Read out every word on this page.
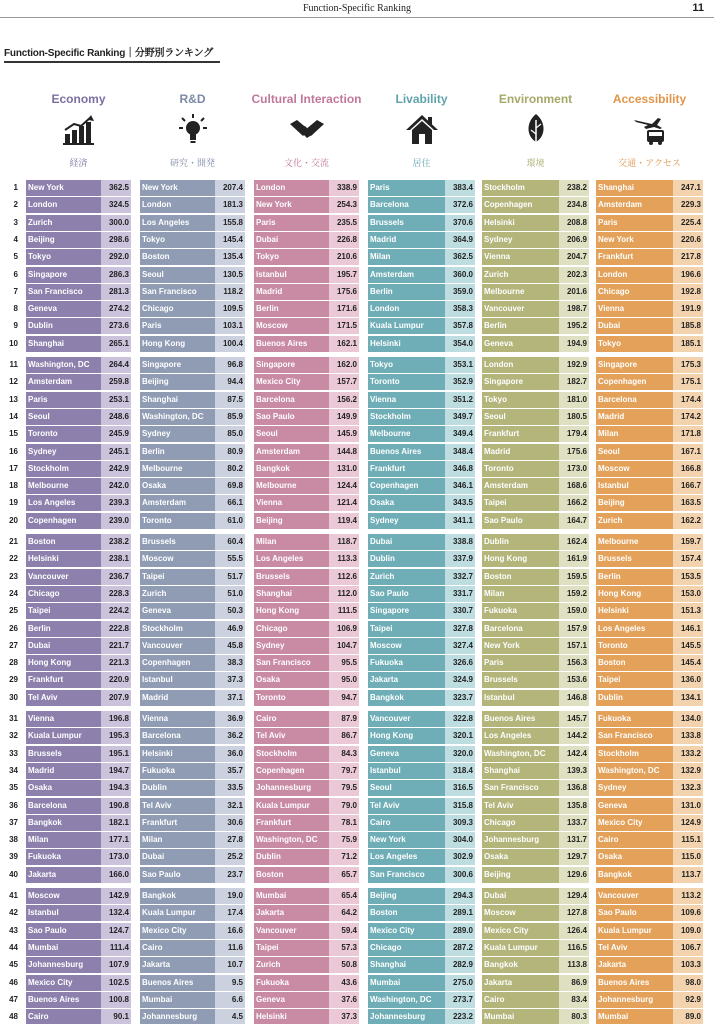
Function-Specific Ranking	11
Function-Specific Ranking｜分野別ランキング
Economy
経済
R&D
研究・開発
Cultural Interaction
文化・交流
Livability
居住
Environment
環境
Accessibility
交通・アクセス
1 New York	362.5 New York	207.4 London	338.9 Paris	383.4 Stockholm	238.2 Shanghai	247.1
2 London	324.5 London	181.3 New York	254.3 Barcelona	372.6 Copenhagen	234.8 Amsterdam	229.3
3 Zurich	300.0 Los Angeles	155.8 Paris	235.5 Brussels	370.6 Helsinki	208.8 Paris	225.4
4 Beijing	298.6 Tokyo	145.4 Dubai	226.8 Madrid	364.9 Sydney	206.9 New York	220.6
5 Tokyo	292.0 Boston	135.4 Tokyo	210.6 Milan	362.5 Vienna	204.7 Frankfurt	217.8
6 Singapore	286.3 Seoul	130.5 Istanbul	195.7 Amsterdam	360.0 Zurich	202.3 London	196.6
7 San Francisco	281.3 San Francisco	118.2 Madrid	175.6 Berlin	359.0 Melbourne	201.6 Chicago	192.8
8 Geneva	274.2 Chicago	109.5 Berlin	171.6 London	358.3 Vancouver	198.7 Vienna	191.9
9 Dublin	273.6 Paris	103.1 Moscow	171.5 Kuala Lumpur	357.8 Berlin	195.2 Dubai	185.8
10 Shanghai	265.1 Hong Kong	100.4 Buenos Aires	162.1 Helsinki	354.0 Geneva	194.9 Tokyo	185.1
11 Washington, DC	264.4 Singapore	96.8 Singapore	162.0 Tokyo	353.1 London	192.9 Singapore	175.3
12 Amsterdam	259.8 Beijing	94.4 Mexico City	157.7 Toronto	352.9 Singapore	182.7 Copenhagen	175.1
13 Paris	253.1 Shanghai	87.5 Barcelona	156.2 Vienna	351.2 Tokyo	181.0 Barcelona	174.4
14 Seoul	248.6 Washington, DC	85.9 Sao Paulo	149.9 Stockholm	349.7 Seoul	180.5 Madrid	174.2
15 Toronto	245.9 Sydney	85.0 Seoul	145.9 Melbourne	349.4 Frankfurt	179.4 Milan	171.8
16 Sydney	245.1 Berlin	80.9 Amsterdam	144.8 Buenos Aires	348.4 Madrid	175.6 Seoul	167.1
17 Stockholm	242.9 Melbourne	80.2 Bangkok	131.0 Frankfurt	346.8 Toronto	173.0 Moscow	166.8
18 Melbourne	242.0 Osaka	69.8 Melbourne	124.4 Copenhagen	346.1 Amsterdam	168.6 Istanbul	166.7
19 Los Angeles	239.3 Amsterdam	66.1 Vienna	121.4 Osaka	343.5 Taipei	166.2 Beijing	163.5
20 Copenhagen	239.0 Toronto	61.0 Beijing	119.4 Sydney	341.1 Sao Paulo	164.7 Zurich	162.2
21 Boston	238.2 Brussels	60.4 Milan	118.7 Dubai	338.8 Dublin	162.4 Melbourne	159.7
22 Helsinki	238.1 Moscow	55.5 Los Angeles	113.3 Dublin	337.9 Hong Kong	161.9 Brussels	157.4
23 Vancouver	236.7 Taipei	51.7 Brussels	112.6 Zurich	332.7 Boston	159.5 Berlin	153.5
24 Chicago	228.3 Zurich	51.0 Shanghai	112.0 Sao Paulo	331.7 Milan	159.2 Hong Kong	153.0
25 Taipei	224.2 Geneva	50.3 Hong Kong	111.5 Singapore	330.7 Fukuoka	159.0 Helsinki	151.3
26 Berlin	222.8 Stockholm	46.9 Chicago	106.9 Taipei	327.8 Barcelona	157.9 Los Angeles	146.1
27 Dubai	221.7 Vancouver	45.8 Sydney	104.7 Moscow	327.4 New York	157.1 Toronto	145.5
28 Hong Kong	221.3 Copenhagen	38.3 San Francisco	95.5 Fukuoka	326.6 Paris	156.3 Boston	145.4
29 Frankfurt	220.9 Istanbul	37.3 Osaka	95.0 Jakarta	324.9 Brussels	153.6 Taipei	136.0
30 Tel Aviv	207.9 Madrid	37.1 Toronto	94.7 Bangkok	323.7 Istanbul	146.8 Dublin	134.1
31 Vienna	196.8 Vienna	36.9 Cairo	87.9 Vancouver	322.8 Buenos Aires	145.7 Fukuoka	134.0
32 Kuala Lumpur	195.3 Barcelona	36.2 Tel Aviv	86.7 Hong Kong	320.1 Los Angeles	144.2 San Francisco	133.8
33 Brussels	195.1 Helsinki	36.0 Stockholm	84.3 Geneva	320.0 Washington, DC	142.4 Stockholm	133.2
34 Madrid	194.7 Fukuoka	35.7 Copenhagen	79.7 Istanbul	318.4 Shanghai	139.3 Washington, DC	132.9
35 Osaka	194.3 Dublin	33.5 Johannesburg	79.5 Seoul	316.5 San Francisco	136.8 Sydney	132.3
36 Barcelona	190.8 Tel Aviv	32.1 Kuala Lumpur	79.0 Tel Aviv	315.8 Tel Aviv	135.8 Geneva	131.0
37 Bangkok	182.1 Frankfurt	30.6 Frankfurt	78.1 Cairo	309.3 Chicago	133.7 Mexico City	124.9
38 Milan	177.1 Milan	27.8 Washington, DC	75.9 New York	304.0 Johannesburg	131.7 Cairo	115.1
39 Fukuoka	173.0 Dubai	25.2 Dublin	71.2 Los Angeles	302.9 Osaka	129.7 Osaka	115.0
40 Jakarta	166.0 Sao Paulo	23.7 Boston	65.7 San Francisco	300.6 Beijing	129.6 Bangkok	113.7
41 Moscow	142.9 Bangkok	19.0 Mumbai	65.4 Beijing	294.3 Dubai	129.4 Vancouver	113.2
42 Istanbul	132.4 Kuala Lumpur	17.4 Jakarta	64.2 Boston	289.1 Moscow	127.8 Sao Paulo	109.6
43 Sao Paulo	124.7 Mexico City	16.6 Vancouver	59.4 Mexico City	289.0 Mexico City	126.4 Kuala Lumpur	109.0
44 Mumbai	111.4 Cairo	11.6 Taipei	57.3 Chicago	287.2 Kuala Lumpur	116.5 Tel Aviv	106.7
45 Johannesburg	107.9 Jakarta	10.7 Zurich	50.8 Shanghai	282.9 Bangkok	113.8 Jakarta	103.3
46 Mexico City	102.5 Buenos Aires	9.5 Fukuoka	43.6 Mumbai	275.0 Jakarta	86.9 Buenos Aires	98.0
47 Buenos Aires	100.8 Mumbai	6.6 Geneva	37.6 Washington, DC	273.7 Cairo	83.4 Johannesburg	92.9
48 Cairo	90.1 Johannesburg	4.5 Helsinki	37.3 Johannesburg	223.2 Mumbai	80.3 Mumbai	89.0
